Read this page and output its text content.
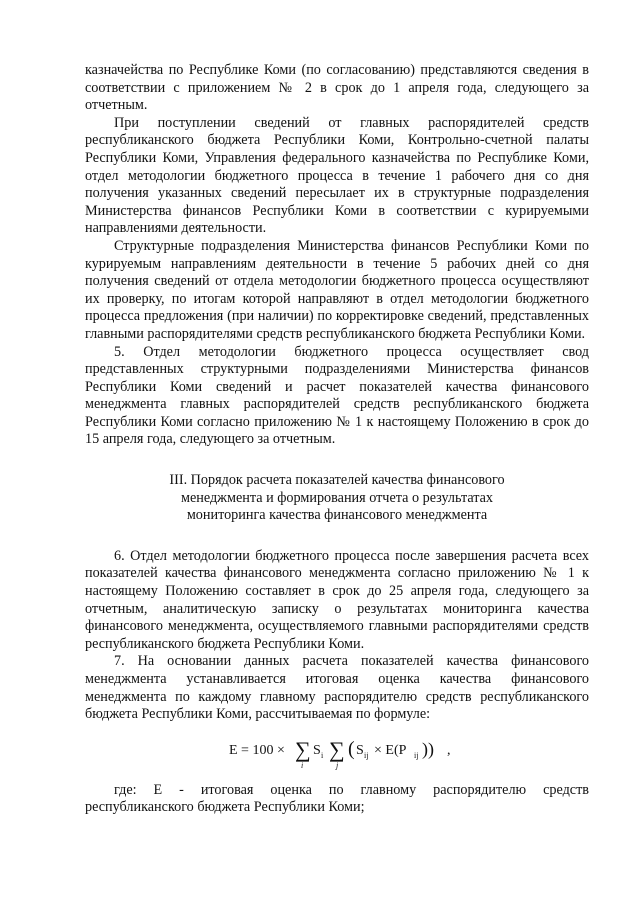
казначейства по Республике Коми (по согласованию) представляются сведения в соответствии с приложением № 2 в срок до 1 апреля года, следующего за отчетным.

При поступлении сведений от главных распорядителей средств республиканского бюджета Республики Коми, Контрольно-счетной палаты Республики Коми, Управления федерального казначейства по Республике Коми, отдел методологии бюджетного процесса в течение 1 рабочего дня со дня получения указанных сведений пересылает их в структурные подразделения Министерства финансов Республики Коми в соответствии с курируемыми направлениями деятельности.

Структурные подразделения Министерства финансов Республики Коми по курируемым направлениям деятельности в течение 5 рабочих дней со дня получения сведений от отдела методологии бюджетного процесса осуществляют их проверку, по итогам которой направляют в отдел методологии бюджетного процесса предложения (при наличии) по корректировке сведений, представленных главными распорядителями средств республиканского бюджета Республики Коми.

5. Отдел методологии бюджетного процесса осуществляет свод представленных структурными подразделениями Министерства финансов Республики Коми сведений и расчет показателей качества финансового менеджмента главных распорядителей средств республиканского бюджета Республики Коми согласно приложению № 1 к настоящему Положению в срок до 15 апреля года, следующего за отчетным.

III. Порядок расчета показателей качества финансового

менеджмента и формирования отчета о результатах

мониторинга качества финансового менеджмента

6. Отдел методологии бюджетного процесса после завершения расчета всех показателей качества финансового менеджмента согласно приложению № 1 к настоящему Положению составляет в срок до 25 апреля года, следующего за отчетным, аналитическую записку о результатах мониторинга качества финансового менеджмента, осуществляемого главными распорядителями средств республиканского бюджета Республики Коми.

7. На основании данных расчета показателей качества финансового менеджмента устанавливается итоговая оценка качества финансового менеджмента по каждому главному распорядителю средств республиканского бюджета Республики Коми, рассчитываемая по формуле:

E = 100 × ∑
i
S i ∑
j
( S ij × E(P ij )) ,

где: E - итоговая оценка по главному распорядителю средств республиканского бюджета Республики Коми;
